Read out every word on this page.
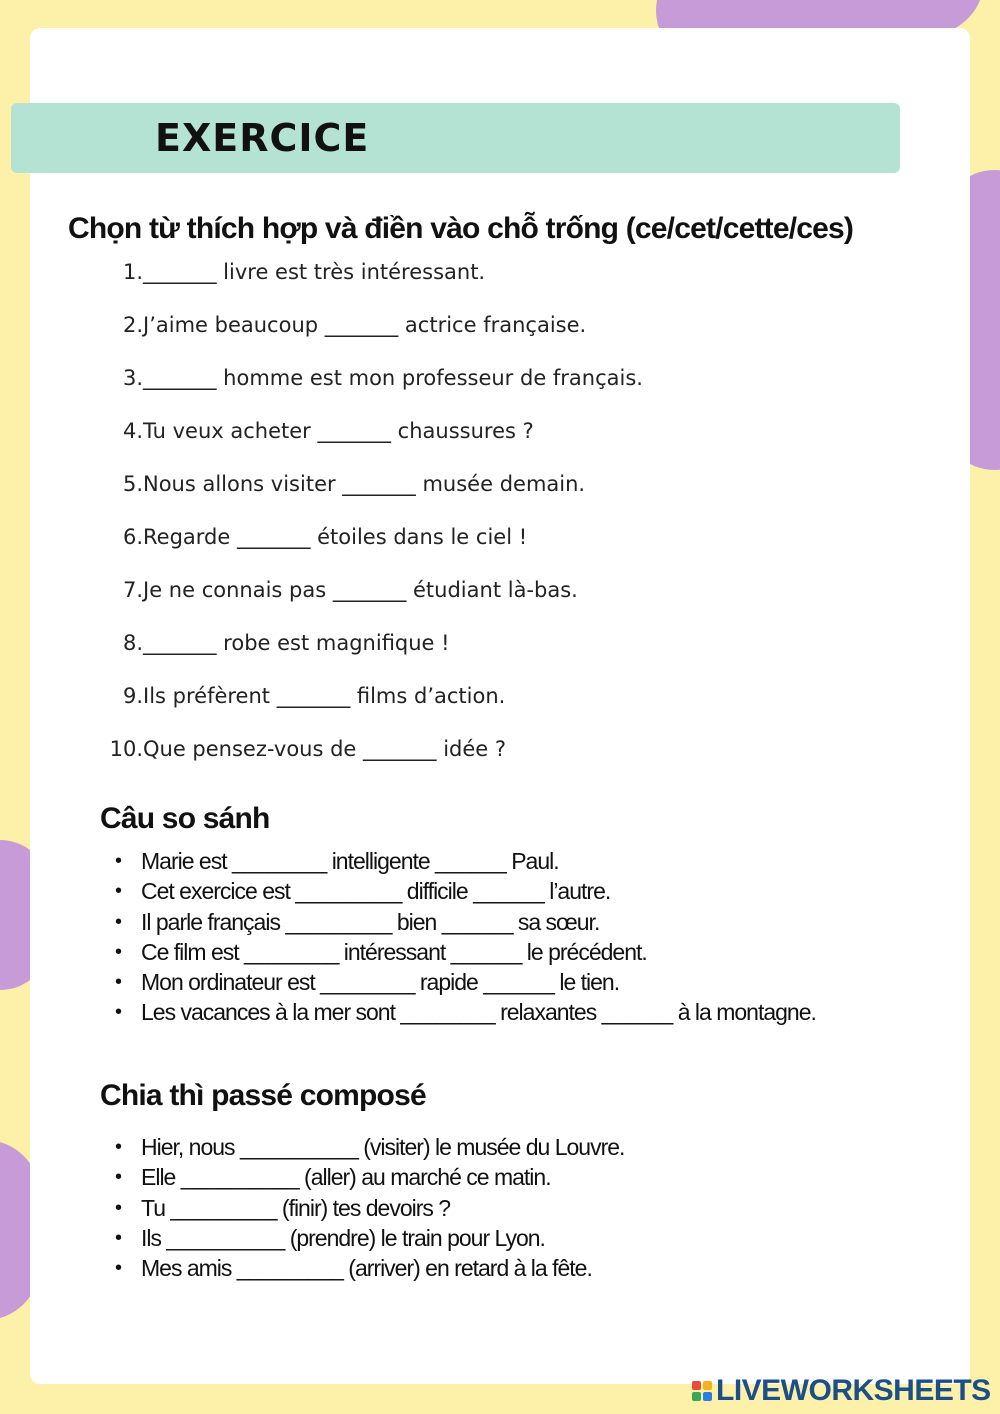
EXERCICE
Chọn từ thích hợp và điền vào chỗ trống (ce/cet/cette/ces)
1. _______ livre est très intéressant.
2. J’aime beaucoup _______ actrice française.
3. _______ homme est mon professeur de français.
4. Tu veux acheter _______ chaussures ?
5. Nous allons visiter _______ musée demain.
6. Regarde _______ étoiles dans le ciel !
7. Je ne connais pas _______ étudiant là-bas.
8. _______ robe est magnifique !
9. Ils préfèrent _______ films d’action.
10. Que pensez-vous de _______ idée ?
Câu so sánh
• Marie est ________ intelligente ______ Paul.
• Cet exercice est _________ difficile ______ l’autre.
• Il parle français _________ bien ______ sa sœur.
• Ce film est ________ intéressant ______ le précédent.
• Mon ordinateur est ________ rapide ______ le tien.
• Les vacances à la mer sont ________ relaxantes ______ à la montagne.
Chia thì passé composé
• Hier, nous __________ (visiter) le musée du Louvre.
• Elle __________ (aller) au marché ce matin.
• Tu _________ (finir) tes devoirs ?
• Ils __________ (prendre) le train pour Lyon.
• Mes amis _________ (arriver) en retard à la fête.
LIVEWORKSHEETS
